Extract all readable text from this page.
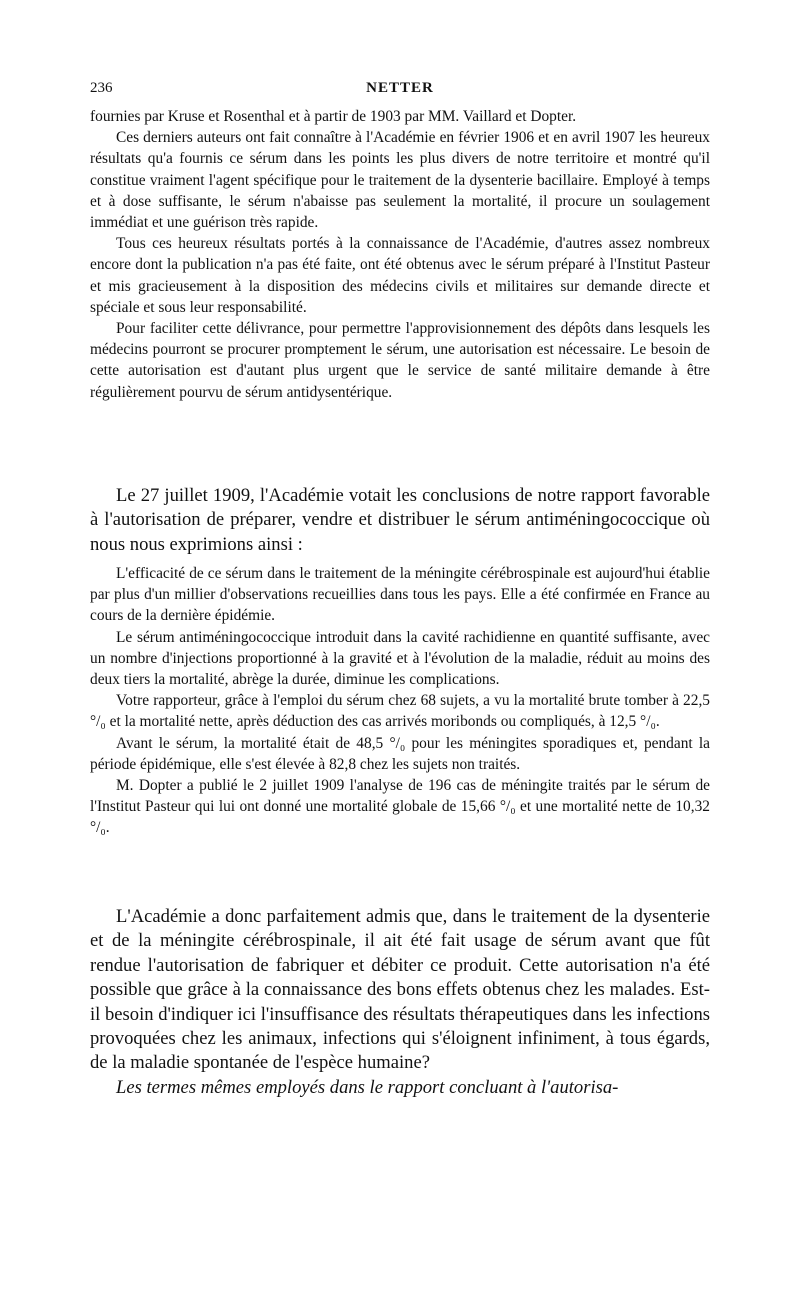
236	NETTER

fournies par Kruse et Rosenthal et à partir de 1903 par MM. Vaillard et Dopter.

Ces derniers auteurs ont fait connaître à l'Académie en février 1906 et en avril 1907 les heureux résultats qu'a fournis ce sérum dans les points les plus divers de notre territoire et montré qu'il constitue vraiment l'agent spécifique pour le traitement de la dysenterie bacillaire. Employé à temps et à dose suffisante, le sérum n'abaisse pas seulement la mortalité, il procure un soulagement immédiat et une guérison très rapide.

Tous ces heureux résultats portés à la connaissance de l'Académie, d'autres assez nombreux encore dont la publication n'a pas été faite, ont été obtenus avec le sérum préparé à l'Institut Pasteur et mis gracieusement à la disposition des médecins civils et militaires sur demande directe et spéciale et sous leur responsabilité.

Pour faciliter cette délivrance, pour permettre l'approvisionnement des dépôts dans lesquels les médecins pourront se procurer promptement le sérum, une autorisation est nécessaire. Le besoin de cette autorisation est d'autant plus urgent que le service de santé militaire demande à être régulièrement pourvu de sérum antidysentérique.

Le 27 juillet 1909, l'Académie votait les conclusions de notre rapport favorable à l'autorisation de préparer, vendre et distribuer le sérum antiméningococcique où nous nous exprimions ainsi :

L'efficacité de ce sérum dans le traitement de la méningite cérébrospinale est aujourd'hui établie par plus d'un millier d'observations recueillies dans tous les pays. Elle a été confirmée en France au cours de la dernière épidémie.

Le sérum antiméningococcique introduit dans la cavité rachidienne en quantité suffisante, avec un nombre d'injections proportionné à la gravité et à l'évolution de la maladie, réduit au moins des deux tiers la mortalité, abrège la durée, diminue les complications.

Votre rapporteur, grâce à l'emploi du sérum chez 68 sujets, a vu la mortalité brute tomber à 22,5 °/₀ et la mortalité nette, après déduction des cas arrivés moribonds ou compliqués, à 12,5 °/₀.

Avant le sérum, la mortalité était de 48,5 °/₀ pour les méningites sporadiques et, pendant la période épidémique, elle s'est élevée à 82,8 chez les sujets non traités.

M. Dopter a publié le 2 juillet 1909 l'analyse de 196 cas de méningite traités par le sérum de l'Institut Pasteur qui lui ont donné une mortalité globale de 15,66 °/₀ et une mortalité nette de 10,32 °/₀.

L'Académie a donc parfaitement admis que, dans le traitement de la dysenterie et de la méningite cérébrospinale, il ait été fait usage de sérum avant que fût rendue l'autorisation de fabriquer et débiter ce produit. Cette autorisation n'a été possible que grâce à la connaissance des bons effets obtenus chez les malades. Est-il besoin d'indiquer ici l'insuffisance des résultats thérapeutiques dans les infections provoquées chez les animaux, infections qui s'éloignent infiniment, à tous égards, de la maladie spontanée de l'espèce humaine?

Les termes mêmes employés dans le rapport concluant à l'autorisa-
